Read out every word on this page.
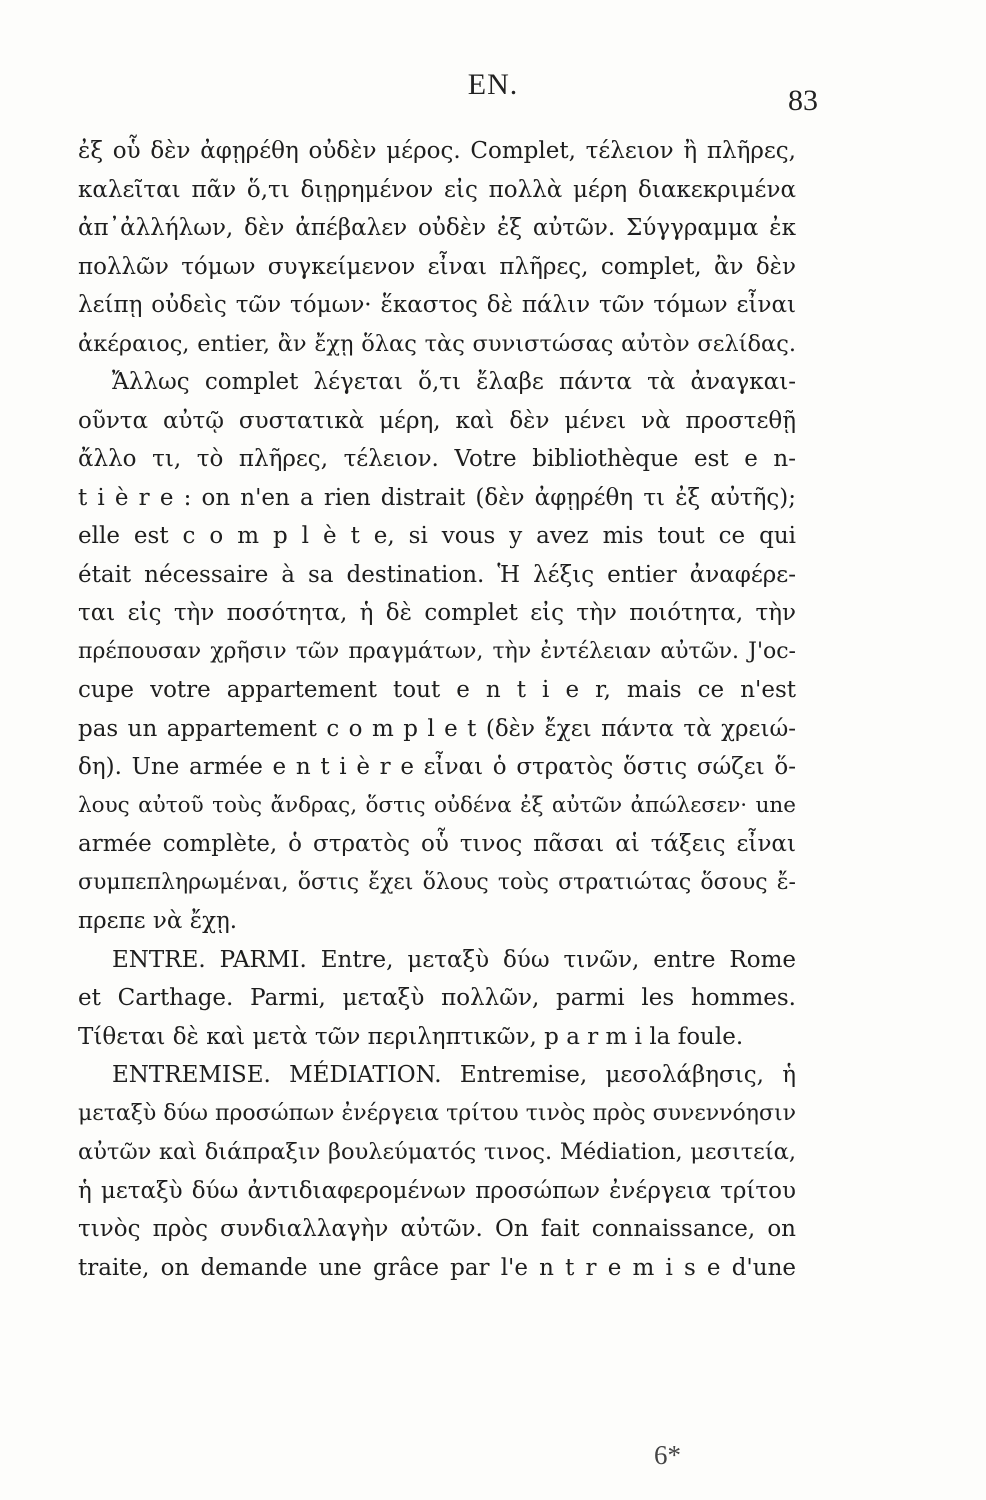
EN.	83
ἐξ οὗ δὲν ἀφῃρέθη οὐδὲν μέρος. Complet, τέλειον ἢ πλῆρες,
καλεῖται πᾶν ὅ,τι διῃρημένον εἰς πολλὰ μέρη διακεκριμένα
ἀπ᾽ἀλλήλων, δὲν ἀπέβαλεν οὐδὲν ἐξ αὐτῶν. Σύγγραμμα ἐκ
πολλῶν τόμων συγκείμενον εἶναι πλῆρες, complet, ἂν δὲν
λείπῃ οὐδεὶς τῶν τόμων· ἕκαστος δὲ πάλιν τῶν τόμων εἶναι
ἀκέραιος, entier, ἂν ἔχῃ ὅλας τὰς συνιστώσας αὐτὸν σελίδας.
Ἄλλως complet λέγεται ὅ,τι ἔλαβε πάντα τὰ ἀναγκαι-
οῦντα αὐτῷ συστατικὰ μέρη, καὶ δὲν μένει νὰ προστεθῇ
ἄλλο τι, τὸ πλῆρες, τέλειον. Votre bibliothèque est e n-
t i è r e : on n'en a rien distrait (δὲν ἀφῃρέθη τι ἐξ αὐτῆς);
elle est c o m p l è t e, si vous y avez mis tout ce qui
était nécessaire à sa destination. Ἡ λέξις entier ἀναφέρε-
ται εἰς τὴν ποσότητα, ἡ δὲ complet εἰς τὴν ποιότητα, τὴν
πρέπουσαν χρῆσιν τῶν πραγμάτων, τὴν ἐντέλειαν αὐτῶν. J'oc-
cupe votre appartement tout e n t i e r, mais ce n'est
pas un appartement c o m p l e t (δὲν ἔχει πάντα τὰ χρειώ-
δη). Une armée e n t i è r e εἶναι ὁ στρατὸς ὅστις σώζει ὅ-
λους αὐτοῦ τοὺς ἄνδρας, ὅστις οὐδένα ἐξ αὐτῶν ἀπώλεσεν· une
armée complète, ὁ στρατὸς οὗ τινος πᾶσαι αἱ τάξεις εἶναι
συμπεπληρωμέναι, ὅστις ἔχει ὅλους τοὺς στρατιώτας ὅσους ἔ-
πρεπε νὰ ἔχῃ.
ENTRE. PARMI. Entre, μεταξὺ δύω τινῶν, entre Rome
et Carthage. Parmi, μεταξὺ πολλῶν, parmi les hommes.
Τίθεται δὲ καὶ μετὰ τῶν περιληπτικῶν, p a r m i la foule.
ENTREMISE. MÉDIATION. Entremise, μεσολάβησις, ἡ
μεταξὺ δύω προσώπων ἐνέργεια τρίτου τινὸς πρὸς συνεννόησιν
αὐτῶν καὶ διάπραξιν βουλεύματός τινος. Médiation, μεσιτεία,
ἡ μεταξὺ δύω ἀντιδιαφερομένων προσώπων ἐνέργεια τρίτου
τινὸς πρὸς συνδιαλλαγὴν αὐτῶν. On fait connaissance, on
traite, on demande une grâce par l'e n t r e m i s e d'une
6*
